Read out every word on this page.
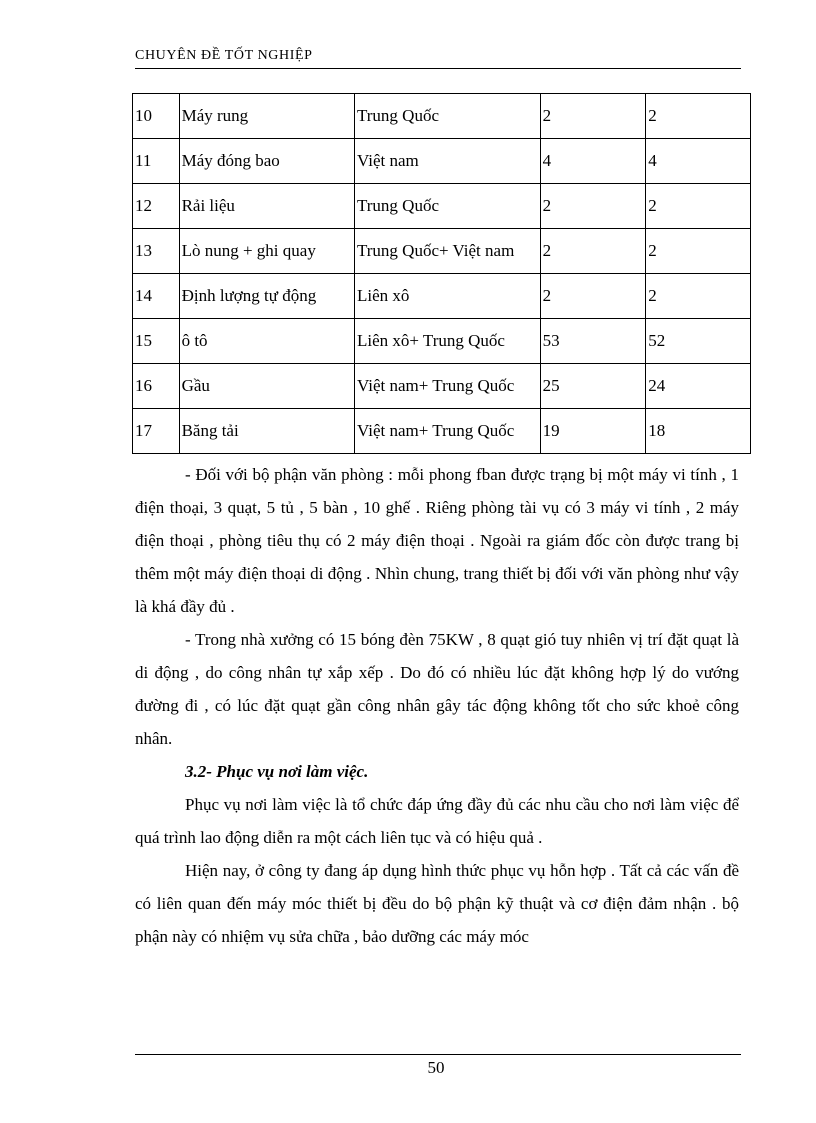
CHUYÊN ĐỀ TỐT NGHIỆP
10	Máy rung	Trung Quốc	2	2
11	Máy đóng bao	Việt nam	4	4
12	Rải liệu	Trung Quốc	2	2
13	Lò nung + ghi quay	Trung Quốc+ Việt nam	2	2
14	Định lượng tự động	Liên xô	2	2
15	ô tô	Liên xô+ Trung Quốc	53	52
16	Gầu	Việt nam+ Trung Quốc	25	24
17	Băng tải	Việt nam+ Trung Quốc	19	18

- Đối với bộ phận văn phòng : mỗi phong fban được trạng bị một máy vi tính , 1 điện thoại, 3 quạt, 5 tủ , 5 bàn , 10 ghế . Riêng phòng tài vụ có 3 máy vi tính , 2 máy điện thoại , phòng tiêu thụ có 2 máy điện thoại . Ngoài ra giám đốc còn được trang bị thêm một máy điện thoại di động . Nhìn chung, trang thiết bị đối với văn phòng như vậy là khá đầy đủ .

- Trong nhà xưởng có 15 bóng đèn 75KW , 8 quạt gió tuy nhiên vị trí đặt quạt là di động , do công nhân tự xắp xếp . Do đó có nhiều lúc đặt không hợp lý do vướng đường đi , có lúc đặt quạt gần công nhân gây tác động không tốt cho sức khoẻ công nhân.

3.2- Phục vụ nơi làm việc.

Phục vụ nơi làm việc là tổ chức đáp ứng đầy đủ các nhu cầu cho nơi làm việc để quá trình lao động diễn ra một cách liên tục và có hiệu quả .

Hiện nay, ở công ty đang áp dụng hình thức phục vụ hỗn hợp . Tất cả các vấn đề có liên quan đến máy móc thiết bị đều do bộ phận kỹ thuật và cơ điện đảm nhận . bộ phận này có nhiệm vụ sửa chữa , bảo dưỡng các máy móc

50
